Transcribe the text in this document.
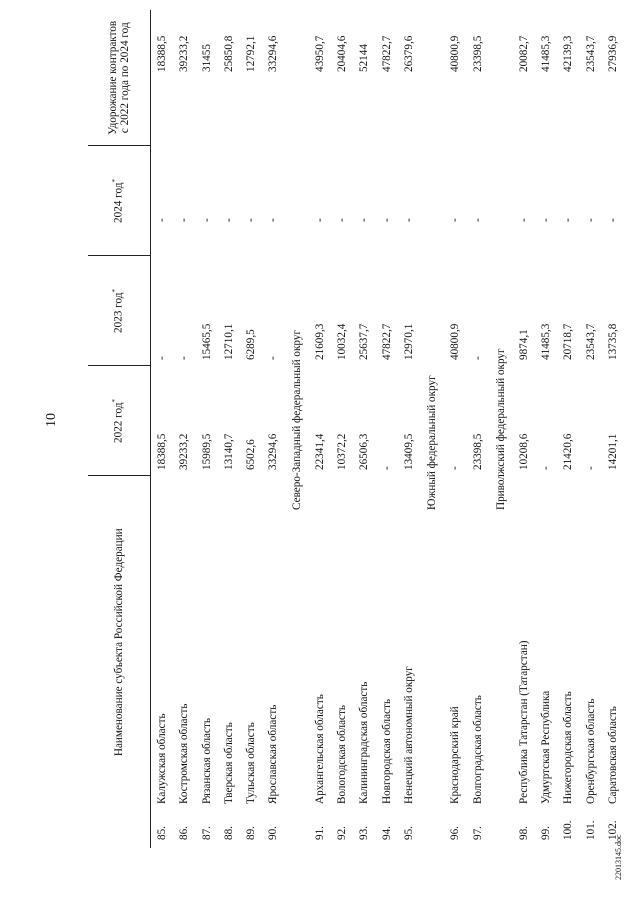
10
22013145.doc
	Наименование субъекта Российской Федерации	2022 год*	2023 год*	2024 год*	Удорожание контрактов
с 2022 года по 2024 год
85.	Калужская область	18388,5	-	-	18388,5
86.	Костромская область	39233,2	-	-	39233,2
87.	Рязанская область	15989,5	15465,5	-	31455
88.	Тверская область	13140,7	12710,1	-	25850,8
89.	Тульская область	6502,6	6289,5	-	12792,1
90.	Ярославская область	33294,6	-	-	33294,6
Северо-Западный федеральный округ					
91.	Архангельская область	22341,4	21609,3	-	43950,7
92.	Вологодская область	10372,2	10032,4	-	20404,6
93.	Калининградская область	26506,3	25637,7	-	52144
94.	Новгородская область	-	47822,7	-	47822,7
95.	Ненецкий автономный округ	13409,5	12970,1	-	26379,6
Южный федеральный округ					
96.	Краснодарский край	-	40800,9	-	40800,9
97.	Волгоградская область	23398,5	-	-	23398,5
Приволжский федеральный округ					
98.	Республика Татарстан (Татарстан)	10208,6	9874,1	-	20082,7
99.	Удмуртская Республика	-	41485,3	-	41485,3
100.	Нижегородская область	21420,6	20718,7	-	42139,3
101.	Оренбургская область	-	23543,7	-	23543,7
102.	Саратовская область	14201,1	13735,8	-	27936,9
